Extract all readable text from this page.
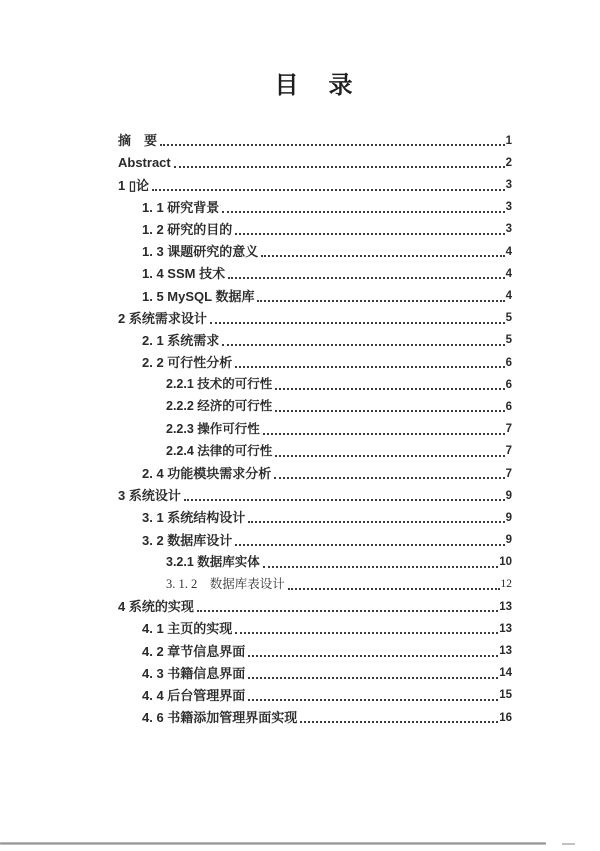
目　录
摘　要	1
Abstract	2
1 ▯论	3
1. 1 研究背景	3
1. 2 研究的目的	3
1. 3 课题研究的意义	4
1. 4 SSM 技术	4
1. 5 MySQL 数据库	4
2 系统需求设计	5
2. 1 系统需求	5
2. 2 可行性分析	6
2.2.1 技术的可行性	6
2.2.2 经济的可行性	6
2.2.3 操作可行性	7
2.2.4 法律的可行性	7
2. 4 功能模块需求分析	7
3 系统设计	9
3. 1 系统结构设计	9
3. 2 数据库设计	9
3.2.1 数据库实体	10
3. 1. 2　数据库表设计	12
4 系统的实现	13
4. 1 主页的实现	13
4. 2 章节信息界面	13
4. 3 书籍信息界面	14
4. 4 后台管理界面	15
4. 6 书籍添加管理界面实现	16
